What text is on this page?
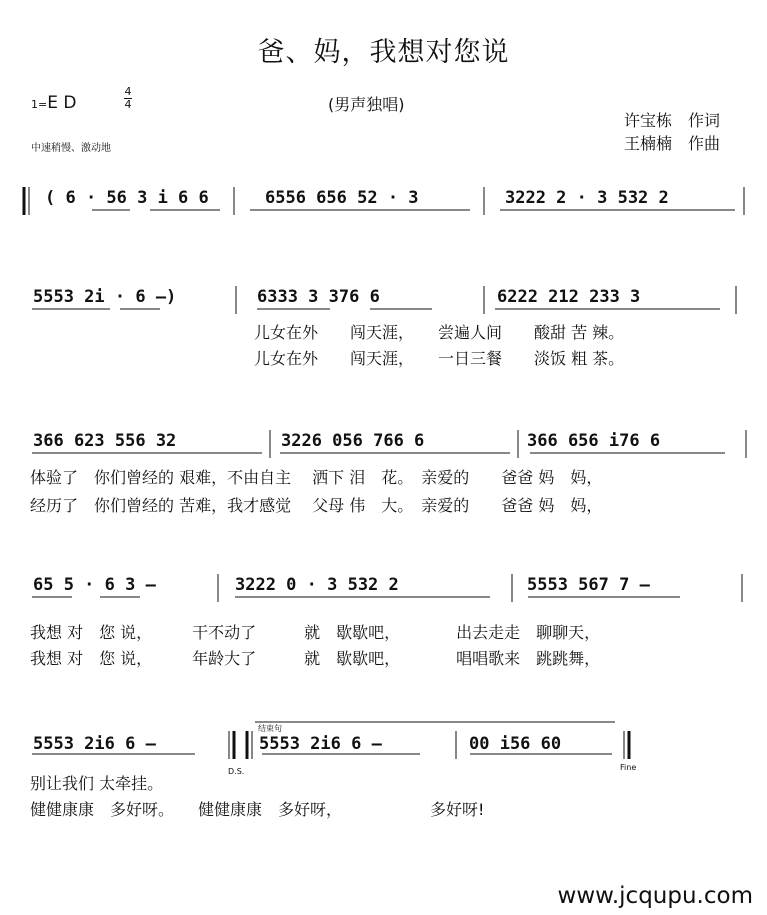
爸、妈，我想对您说
1=E D
4
4	(男声独唱)
许宝栋　作词
王楠楠　作曲
中速稍慢、激动地
( 6 · 56 3 i 6 6	6556 656 52 · 3	3222 2 · 3 532 2
5553 2i · 6 —)	6333 3 376 6	6222 212 233 3
儿女在外　　闯天涯，　　尝遍人间　　酸甜 苦 辣。
儿女在外　　闯天涯，　　一日三餐　　淡饭 粗 茶。
366 623 556 32	3226 056 766 6	366 656 i76 6
体验了　你们曾经的 艰难，不由自主　 洒下 泪　花。　亲爱的　　爸爸 妈　妈，
经历了　你们曾经的 苦难，我才感觉　 父母 伟　大。　亲爱的　　爸爸 妈　妈，
65 5 · 6 3 —	3222 0 · 3 532 2	5553 567 7 —
我想 对　您 说，　　　干不动了　　　就　歇歇吧，　　　　出去走走　聊聊天，
我想 对　您 说，　　　年龄大了　　　就　歇歇吧，　　　　唱唱歌来　跳跳舞，
结束句
5553 2i6 6 —	5553 2i6 6 —	00 i56 60
D.S.	Fine
别让我们 太牵挂。
健健康康　多好呀。　　健健康康　多好呀，　　　　　　多好呀!
www.jcqupu.com
